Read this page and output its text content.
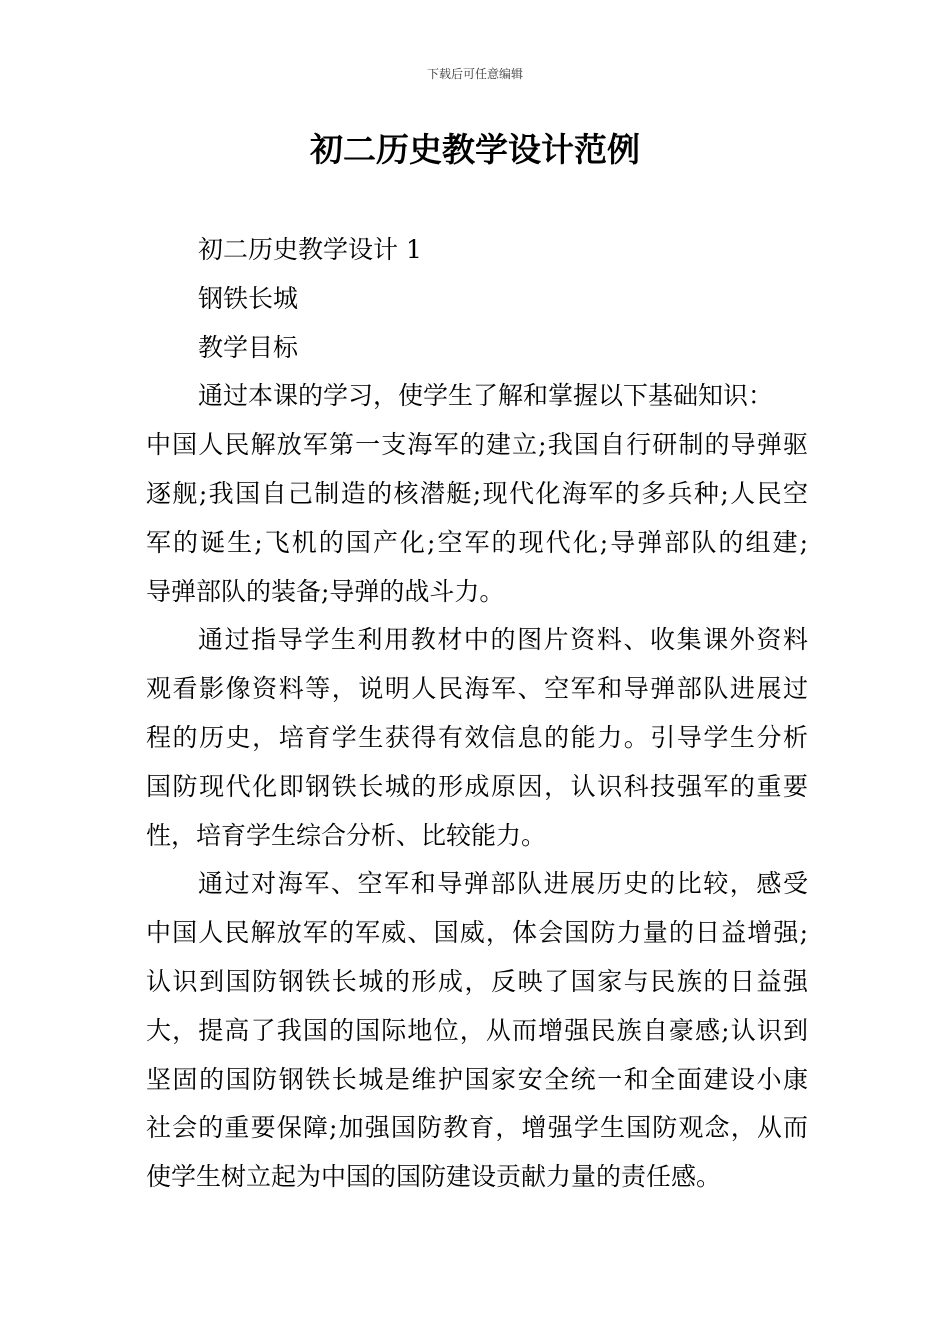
下载后可任意编辑
初二历史教学设计范例
初二历史教学设计 1
钢铁长城
教学目标
通过本课的学习，使学生了解和掌握以下基础知识：
中国人民解放军第一支海军的建立;我国自行研制的导弹驱
逐舰;我国自己制造的核潜艇;现代化海军的多兵种;人民空
军的诞生;飞机的国产化;空军的现代化;导弹部队的组建;
导弹部队的装备;导弹的战斗力。
通过指导学生利用教材中的图片资料、收集课外资料
观看影像资料等，说明人民海军、空军和导弹部队进展过
程的历史，培育学生获得有效信息的能力。引导学生分析
国防现代化即钢铁长城的形成原因，认识科技强军的重要
性，培育学生综合分析、比较能力。
通过对海军、空军和导弹部队进展历史的比较，感受
中国人民解放军的军威、国威，体会国防力量的日益增强;
认识到国防钢铁长城的形成，反映了国家与民族的日益强
大，提高了我国的国际地位，从而增强民族自豪感;认识到
坚固的国防钢铁长城是维护国家安全统一和全面建设小康
社会的重要保障;加强国防教育，增强学生国防观念，从而
使学生树立起为中国的国防建设贡献力量的责任感。
